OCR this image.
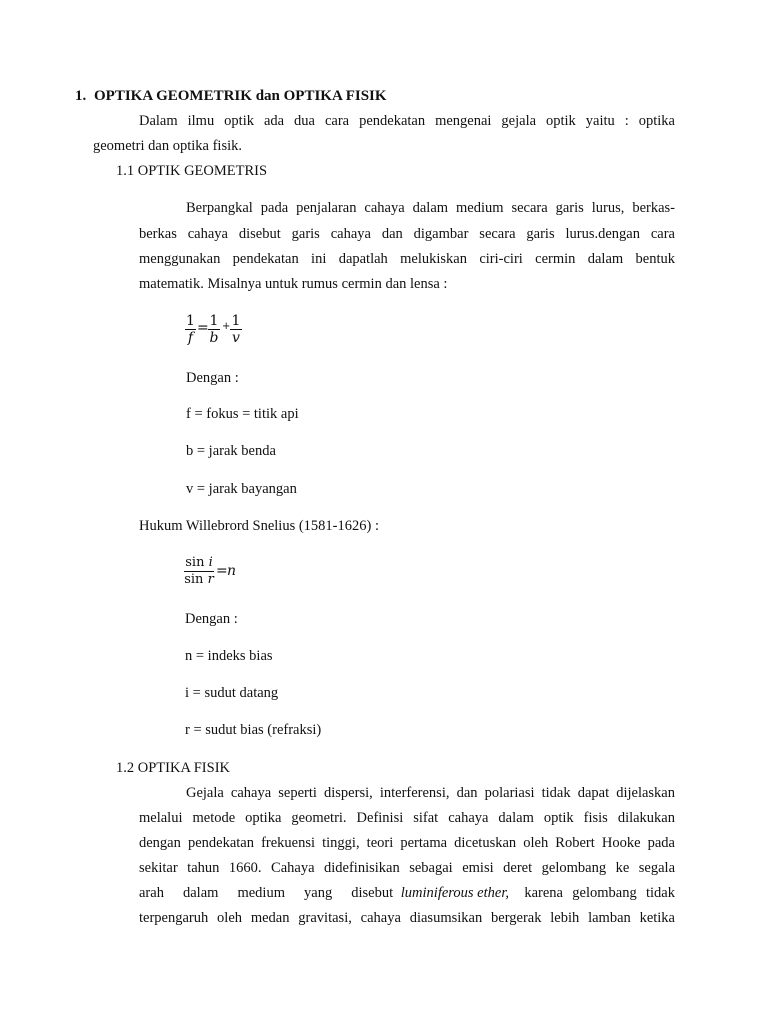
1. OPTIKA GEOMETRIK dan OPTIKA FISIK
Dalam ilmu optik ada dua cara pendekatan mengenai gejala optik yaitu : optika
geometri dan optika fisik.
1.1 OPTIK GEOMETRIS
Berpangkal pada penjalaran cahaya dalam medium secara garis lurus, berkas-
berkas cahaya disebut garis cahaya dan digambar secara garis lurus.dengan cara
menggunakan pendekatan ini dapatlah melukiskan ciri-ciri cermin dalam bentuk
matematik. Misalnya untuk rumus cermin dan lensa :
1
f
= 1
b
+ 1
v
Dengan :
f = fokus = titik api
b = jarak benda
v = jarak bayangan
Hukum Willebrord Snelius (1581-1626) :
sin i
sin r
= n
Dengan :
n = indeks bias
i = sudut datang
r = sudut bias (refraksi)
1.2 OPTIKA FISIK
Gejala cahaya seperti dispersi, interferensi, dan polariasi tidak dapat dijelaskan
melalui metode optika geometri. Definisi sifat cahaya dalam optik fisis dilakukan
dengan pendekatan frekuensi tinggi, teori pertama dicetuskan oleh Robert Hooke pada
sekitar tahun 1660. Cahaya didefinisikan sebagai emisi deret gelombang ke segala
arah dalam medium yang disebut luminiferous ether, karena gelombang tidak
terpengaruh oleh medan gravitasi, cahaya diasumsikan bergerak lebih lamban ketika
